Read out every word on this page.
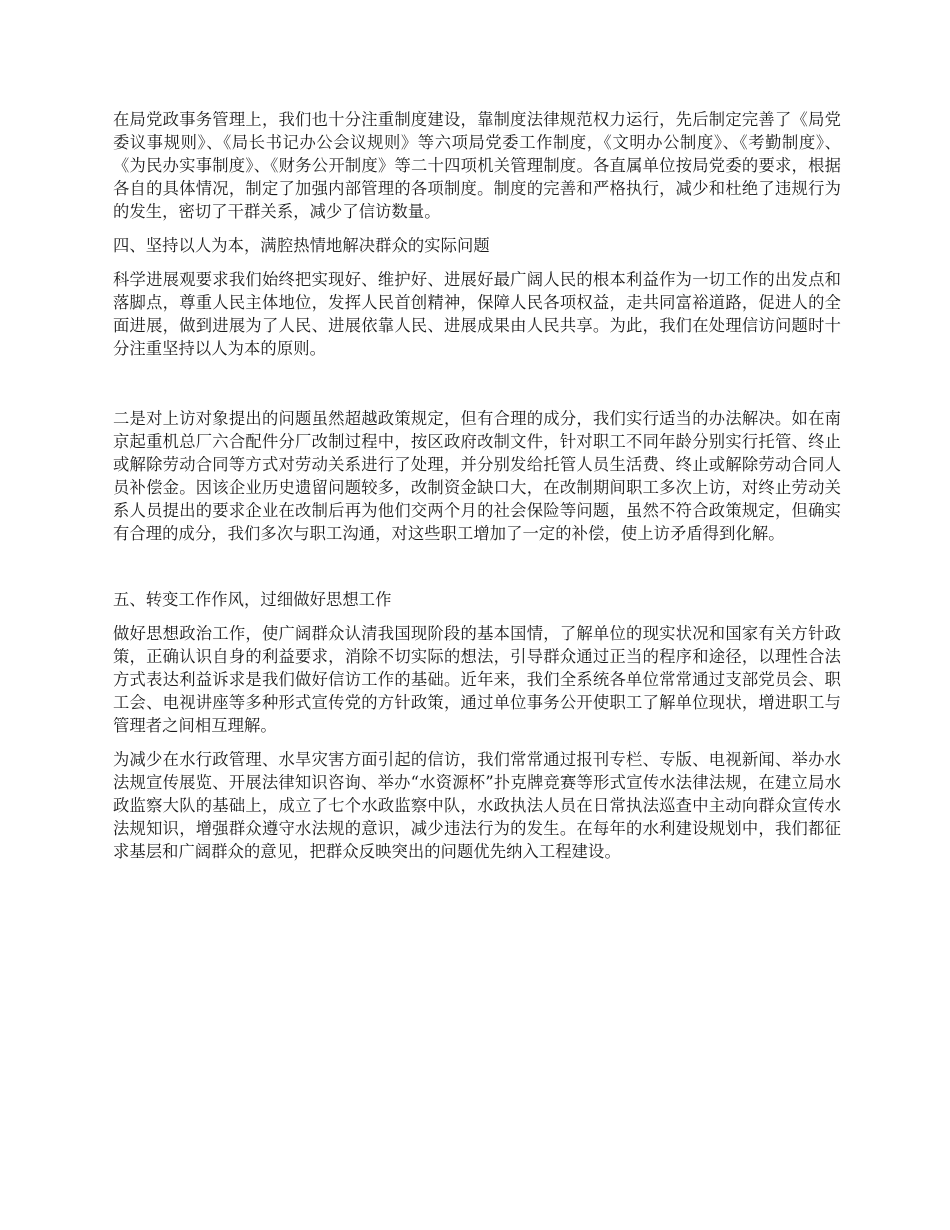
在局党政事务管理上，我们也十分注重制度建设，靠制度法律规范权力运行，先后制定完善了《局党委议事规则》、《局长书记办公会议规则》等六项局党委工作制度，《文明办公制度》、《考勤制度》、《为民办实事制度》、《财务公开制度》等二十四项机关管理制度。各直属单位按局党委的要求，根据各自的具体情况，制定了加强内部管理的各项制度。制度的完善和严格执行，减少和杜绝了违规行为的发生，密切了干群关系，减少了信访数量。

四、坚持以人为本，满腔热情地解决群众的实际问题

科学进展观要求我们始终把实现好、维护好、进展好最广阔人民的根本利益作为一切工作的出发点和落脚点，尊重人民主体地位，发挥人民首创精神，保障人民各项权益，走共同富裕道路，促进人的全面进展，做到进展为了人民、进展依靠人民、进展成果由人民共享。为此，我们在处理信访问题时十分注重坚持以人为本的原则。

二是对上访对象提出的问题虽然超越政策规定，但有合理的成分，我们实行适当的办法解决。如在南京起重机总厂六合配件分厂改制过程中，按区政府改制文件，针对职工不同年龄分别实行托管、终止或解除劳动合同等方式对劳动关系进行了处理，并分别发给托管人员生活费、终止或解除劳动合同人员补偿金。因该企业历史遗留问题较多，改制资金缺口大，在改制期间职工多次上访，对终止劳动关系人员提出的要求企业在改制后再为他们交两个月的社会保险等问题，虽然不符合政策规定，但确实有合理的成分，我们多次与职工沟通，对这些职工增加了一定的补偿，使上访矛盾得到化解。

五、转变工作作风，过细做好思想工作

做好思想政治工作，使广阔群众认清我国现阶段的基本国情，了解单位的现实状况和国家有关方针政策，正确认识自身的利益要求，消除不切实际的想法，引导群众通过正当的程序和途径，以理性合法方式表达利益诉求是我们做好信访工作的基础。近年来，我们全系统各单位常常通过支部党员会、职工会、电视讲座等多种形式宣传党的方针政策，通过单位事务公开使职工了解单位现状，增进职工与管理者之间相互理解。

为减少在水行政管理、水旱灾害方面引起的信访，我们常常通过报刊专栏、专版、电视新闻、举办水法规宣传展览、开展法律知识咨询、举办“水资源杯”扑克牌竞赛等形式宣传水法律法规，在建立局水政监察大队的基础上，成立了七个水政监察中队，水政执法人员在日常执法巡查中主动向群众宣传水法规知识，增强群众遵守水法规的意识，减少违法行为的发生。在每年的水利建设规划中，我们都征求基层和广阔群众的意见，把群众反映突出的问题优先纳入工程建设。
